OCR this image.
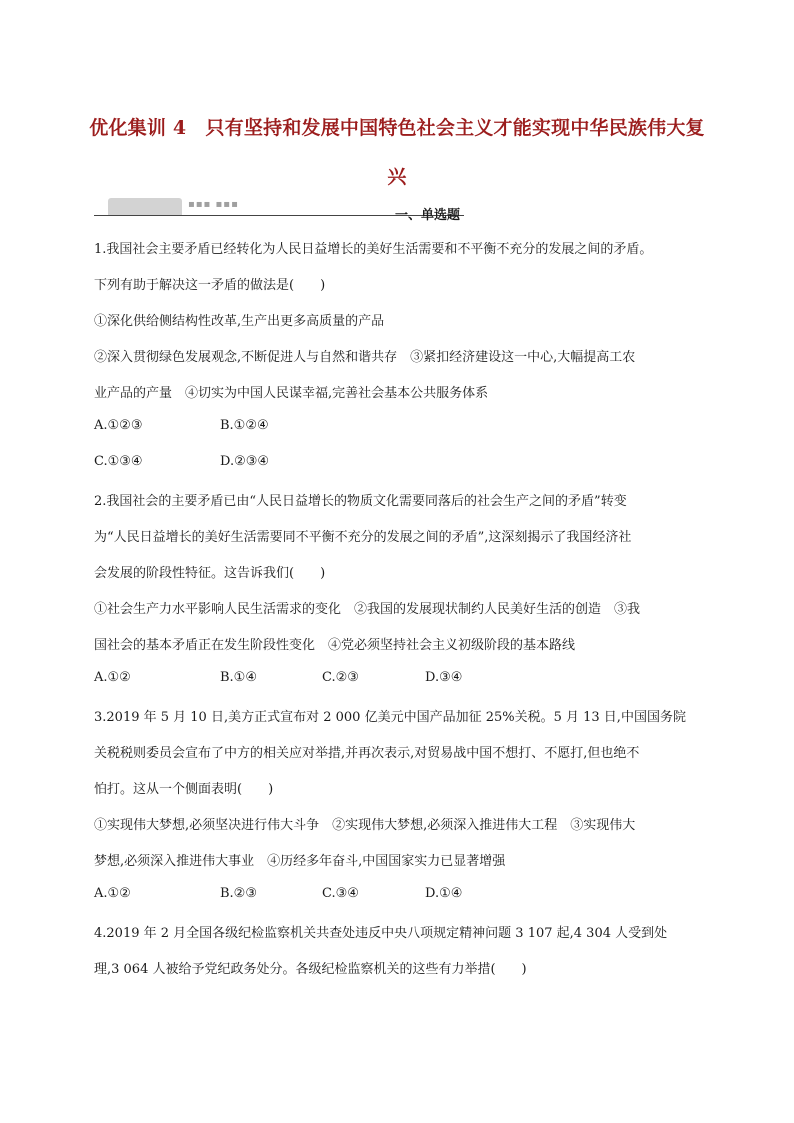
优化集训 4　只有坚持和发展中国特色社会主义才能实现中华民族伟大复
兴
▪▪▪ ▪▪▪
一、单选题
1.我国社会主要矛盾已经转化为人民日益增长的美好生活需要和不平衡不充分的发展之间的矛盾。
下列有助于解决这一矛盾的做法是(　　)
①深化供给侧结构性改革,生产出更多高质量的产品
②深入贯彻绿色发展观念,不断促进人与自然和谐共存　③紧扣经济建设这一中心,大幅提高工农
业产品的产量　④切实为中国人民谋幸福,完善社会基本公共服务体系
A.①②③	B.①②④
C.①③④	D.②③④
2.我国社会的主要矛盾已由“人民日益增长的物质文化需要同落后的社会生产之间的矛盾”转变
为“人民日益增长的美好生活需要同不平衡不充分的发展之间的矛盾”,这深刻揭示了我国经济社
会发展的阶段性特征。这告诉我们(　　)
①社会生产力水平影响人民生活需求的变化　②我国的发展现状制约人民美好生活的创造　③我
国社会的基本矛盾正在发生阶段性变化　④党必须坚持社会主义初级阶段的基本路线
A.①②	B.①④	C.②③	D.③④
3.2019 年 5 月 10 日,美方正式宣布对 2 000 亿美元中国产品加征 25%关税。5 月 13 日,中国国务院
关税税则委员会宣布了中方的相关应对举措,并再次表示,对贸易战中国不想打、不愿打,但也绝不
怕打。这从一个侧面表明(　　)
①实现伟大梦想,必须坚决进行伟大斗争　②实现伟大梦想,必须深入推进伟大工程　③实现伟大
梦想,必须深入推进伟大事业　④历经多年奋斗,中国国家实力已显著增强
A.①②	B.②③	C.③④	D.①④
4.2019 年 2 月全国各级纪检监察机关共查处违反中央八项规定精神问题 3 107 起,4 304 人受到处
理,3 064 人被给予党纪政务处分。各级纪检监察机关的这些有力举措(　　)
